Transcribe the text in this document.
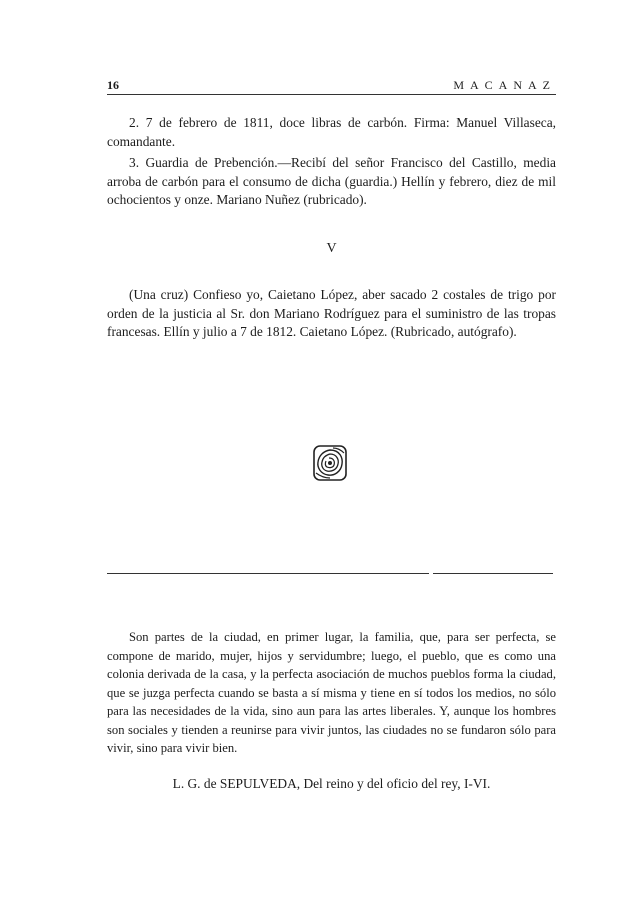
16	MACANAZ

2. 7 de febrero de 1811, doce libras de carbón. Firma: Manuel Villaseca, comandante.

3. Guardia de Prebención.—Recibí del señor Francisco del Castillo, media arroba de carbón para el consumo de dicha (guardia.) Hellín y febrero, diez de mil ochocientos y onze. Mariano Nuñez (rubricado).

V

(Una cruz) Confieso yo, Caietano López, aber sacado 2 costales de trigo por orden de la justicia al Sr. don Mariano Rodríguez para el suministro de las tropas francesas. Ellín y julio a 7 de 1812. Caietano López. (Rubricado, autógrafo).

Son partes de la ciudad, en primer lugar, la familia, que, para ser perfecta, se compone de marido, mujer, hijos y servidumbre; luego, el pueblo, que es como una colonia derivada de la casa, y la perfecta asociación de muchos pueblos forma la ciudad, que se juzga perfecta cuando se basta a sí misma y tiene en sí todos los medios, no sólo para las necesidades de la vida, sino aun para las artes liberales. Y, aunque los hombres son sociales y tienden a reunirse para vivir juntos, las ciudades no se fundaron sólo para vivir, sino para vivir bien.

L. G. de SEPULVEDA, Del reino y del oficio del rey, I-VI.
